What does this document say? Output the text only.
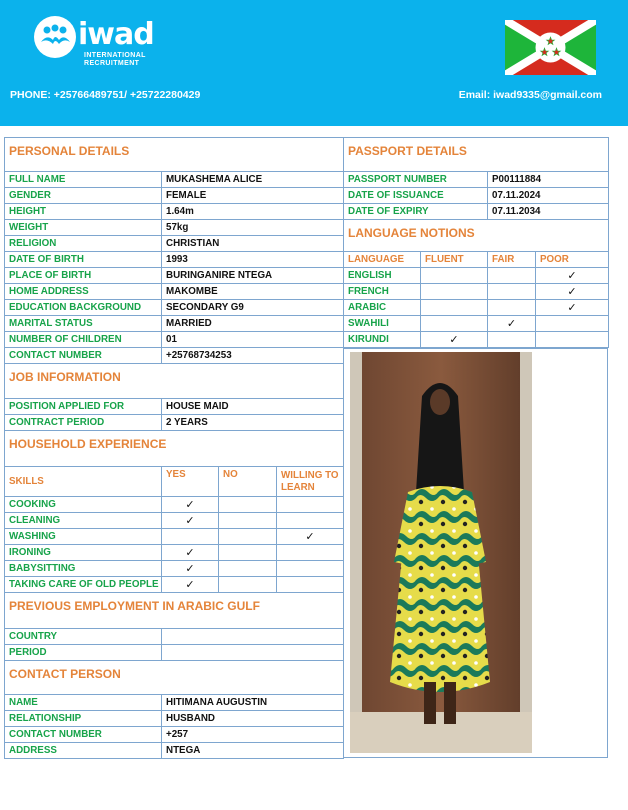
iwad
INTERNATIONAL
RECRUITMENT
PHONE: +25766489751/ +25722280429	Email: iwad9335@gmail.com
PERSONAL DETAILS			
FULL NAME	MUKASHEMA ALICE		
GENDER	FEMALE		
HEIGHT	1.64m		
WEIGHT	57kg		
RELIGION	CHRISTIAN		
DATE OF BIRTH	1993		
PLACE OF BIRTH	BURINGANIRE NTEGA		
HOME ADDRESS	MAKOMBE		
EDUCATION BACKGROUND	SECONDARY G9		
MARITAL STATUS	MARRIED		
NUMBER OF CHILDREN	01		
CONTACT NUMBER	+25768734253		
JOB INFORMATION			
POSITION APPLIED FOR	HOUSE MAID		
CONTRACT PERIOD	2 YEARS		
HOUSEHOLD EXPERIENCE			
SKILLS	YES	NO	WILLING TO LEARN
COOKING	✓		
CLEANING	✓		
WASHING			✓
IRONING	✓		
BABYSITTING	✓		
TAKING CARE OF OLD PEOPLE	✓		
PREVIOUS EMPLOYMENT IN ARABIC GULF			
COUNTRY			
PERIOD			
CONTACT PERSON			
NAME	HITIMANA AUGUSTIN		
RELATIONSHIP	HUSBAND		
CONTACT NUMBER	+257		
ADDRESS	NTEGA		
PASSPORT DETAILS			
PASSPORT NUMBER		P00111884	
DATE OF ISSUANCE		07.11.2024	
DATE OF EXPIRY		07.11.2034	
LANGUAGE NOTIONS			
LANGUAGE	FLUENT	FAIR	POOR
ENGLISH			✓
FRENCH			✓
ARABIC			✓
SWAHILI		✓	
KIRUNDI	✓		
